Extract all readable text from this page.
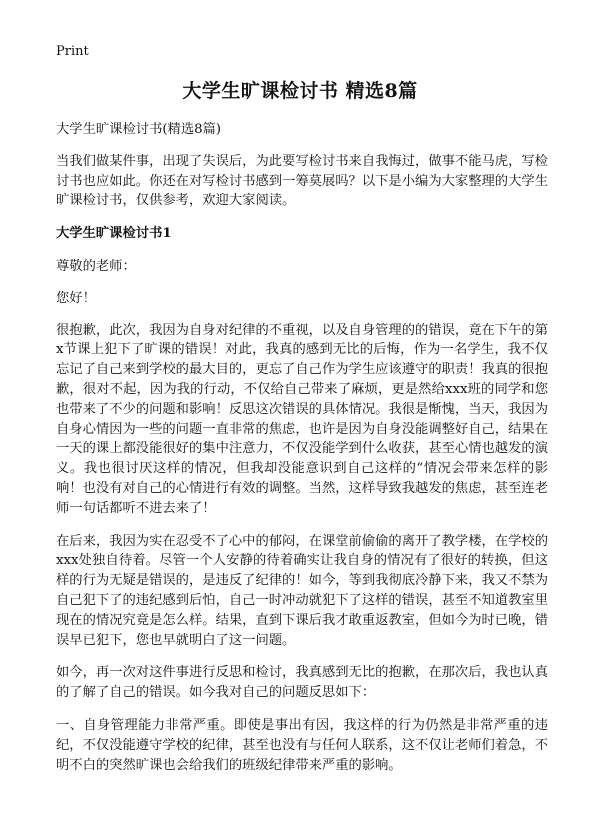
Print
大学生旷课检讨书 精选8篇

大学生旷课检讨书(精选8篇)

当我们做某件事，出现了失误后，为此要写检讨书来自我悔过，做事不能马虎，写检讨书也应如此。你还在对写检讨书感到一筹莫展吗？以下是小编为大家整理的大学生旷课检讨书，仅供参考，欢迎大家阅读。

大学生旷课检讨书1

尊敬的老师：

您好！

很抱歉，此次，我因为自身对纪律的不重视，以及自身管理的的错误，竟在下午的第x节课上犯下了旷课的错误！对此，我真的感到无比的后悔，作为一名学生，我不仅忘记了自己来到学校的最大目的，更忘了自己作为学生应该遵守的职责！我真的很抱歉，很对不起，因为我的行动，不仅给自己带来了麻烦，更是然给xxx班的同学和您也带来了不少的问题和影响！反思这次错误的具体情况。我很是惭愧，当天，我因为自身心情因为一些的问题一直非常的焦虑，也许是因为自身没能调整好自己，结果在一天的课上都没能很好的集中注意力，不仅没能学到什么收获，甚至心情也越发的演义。我也很讨厌这样的情况，但我却没能意识到自己这样的“情况会带来怎样的影响！也没有对自己的心情进行有效的调整。当然，这样导致我越发的焦虑，甚至连老师一句话都听不进去来了！

在后来，我因为实在忍受不了心中的郁闷，在课堂前偷偷的离开了教学楼，在学校的xxx处独自待着。尽管一个人安静的待着确实让我自身的情况有了很好的转换，但这样的行为无疑是错误的，是违反了纪律的！如今，等到我彻底冷静下来，我又不禁为自己犯下了的违纪感到后怕，自己一时冲动就犯下了这样的错误，甚至不知道教室里现在的情况究竟是怎么样。结果，直到下课后我才敢重返教室，但如今为时已晚，错误早已犯下，您也早就明白了这一问题。

如今，再一次对这件事进行反思和检讨，我真感到无比的抱歉，在那次后，我也认真的了解了自己的错误。如今我对自己的问题反思如下：

一、自身管理能力非常严重。即使是事出有因，我这样的行为仍然是非常严重的违纪，不仅没能遵守学校的纪律，甚至也没有与任何人联系，这不仅让老师们着急，不明不白的突然旷课也会给我们的班级纪律带来严重的影响。
